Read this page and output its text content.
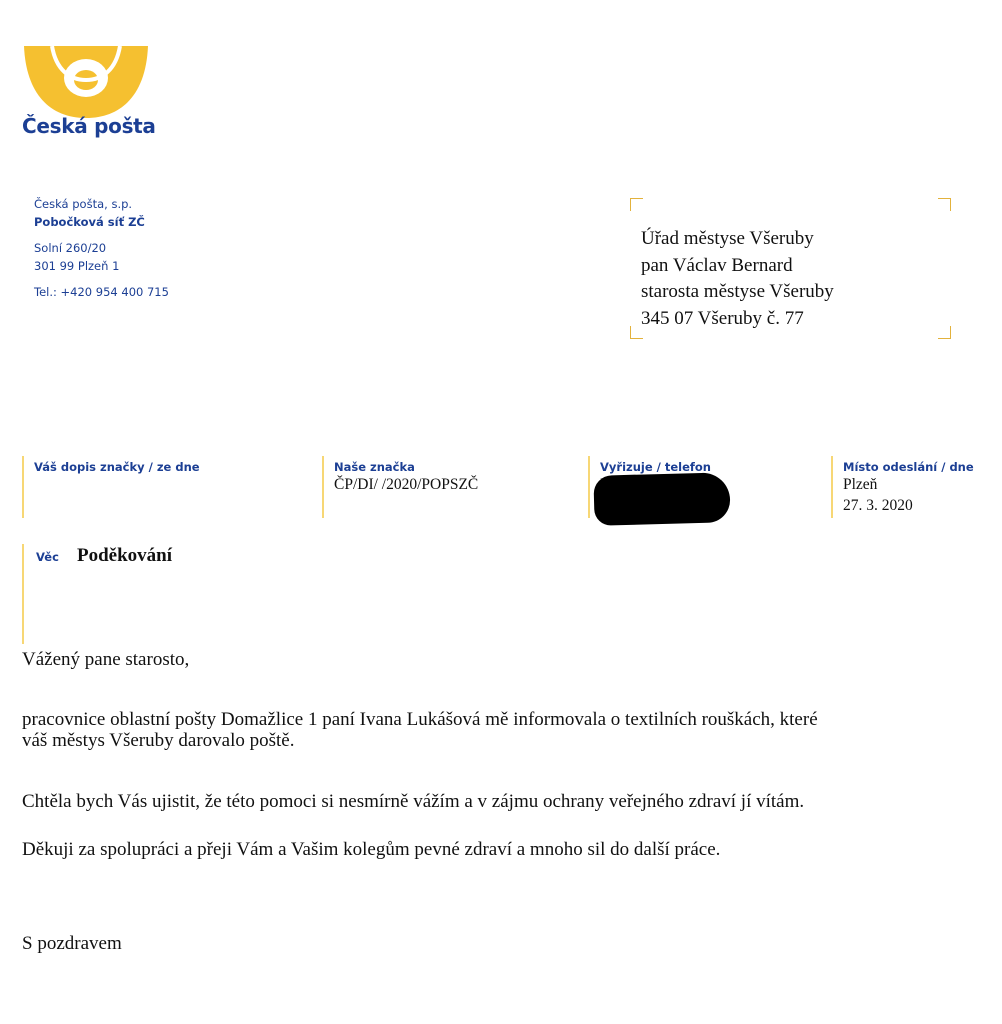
Česká pošta
Česká pošta, s.p.
Pobočková síť ZČ
Solní 260/20
301 99 Plzeň 1
Tel.: +420 954 400 715
Úřad městyse Všeruby
pan Václav Bernard
starosta městyse Všeruby
345 07 Všeruby č. 77
Váš dopis značky / ze dne	Naše značka
ČP/DI/ /2020/POPSZČ
Vyřizuje / telefon	Místo odeslání / dne
Plzeň
27. 3. 2020
Věc Poděkování
Vážený pane starosto,
pracovnice oblastní pošty Domažlice 1 paní Ivana Lukášová mě informovala o textilních rouškách, které
váš městys Všeruby darovalo poště.
Chtěla bych Vás ujistit, že této pomoci si nesmírně vážím a v zájmu ochrany veřejného zdraví jí vítám.
Děkuji za spolupráci a přeji Vám a Vašim kolegům pevné zdraví a mnoho sil do další práce.
S pozdravem
